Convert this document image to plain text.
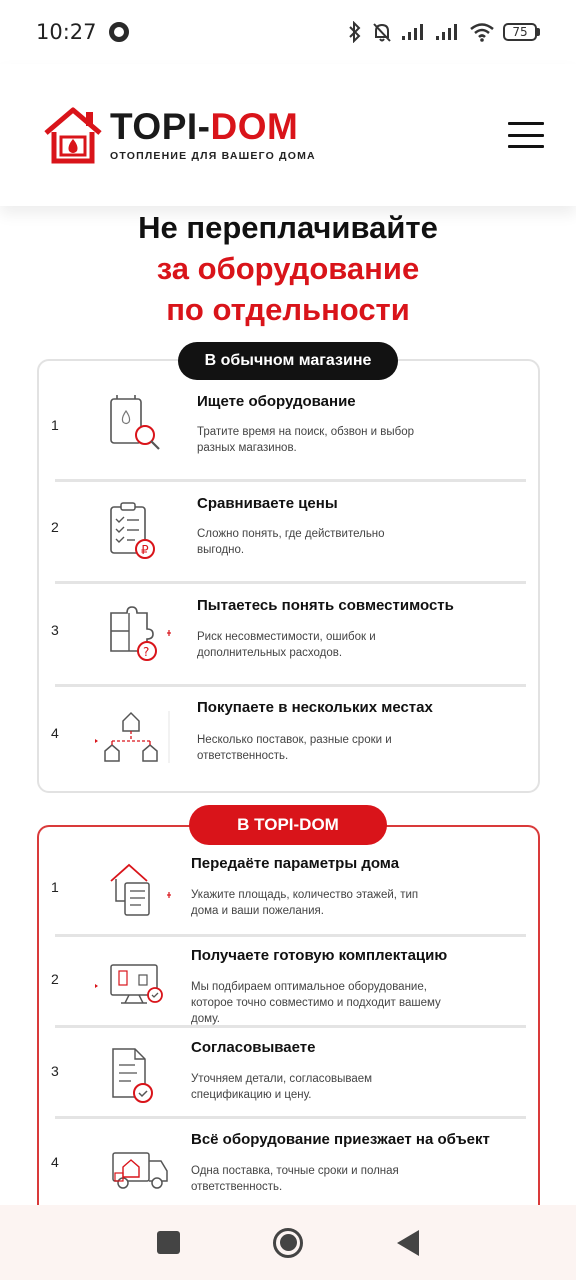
10:27	75
TOPI-DOM
ОТОПЛЕНИЕ ДЛЯ ВАШЕГО ДОМА
Не переплачивайте
за оборудование
по отдельности
1
Ищете оборудование
Тратите время на поиск, обзвон и выбор разных магазинов.
2
₽
Сравниваете цены
Сложно понять, где действительно выгодно.
3
?
Пытаетесь понять совместимость
Риск несовместимости, ошибок и дополнительных расходов.
4
Покупаете в нескольких местах
Несколько поставок, разные сроки и ответственность.
В обычном магазине
1
Передаёте параметры дома
Укажите площадь, количество этажей, тип дома и ваши пожелания.
2
Получаете готовую комплектацию
Мы подбираем оптимальное оборудование, которое точно совместимо и подходит вашему дому.
3
Согласовываете
Уточняем детали, согласовываем спецификацию и цену.
4
Всё оборудование приезжает на объект
Одна поставка, точные сроки и полная ответственность.
В TOPI-DOM
